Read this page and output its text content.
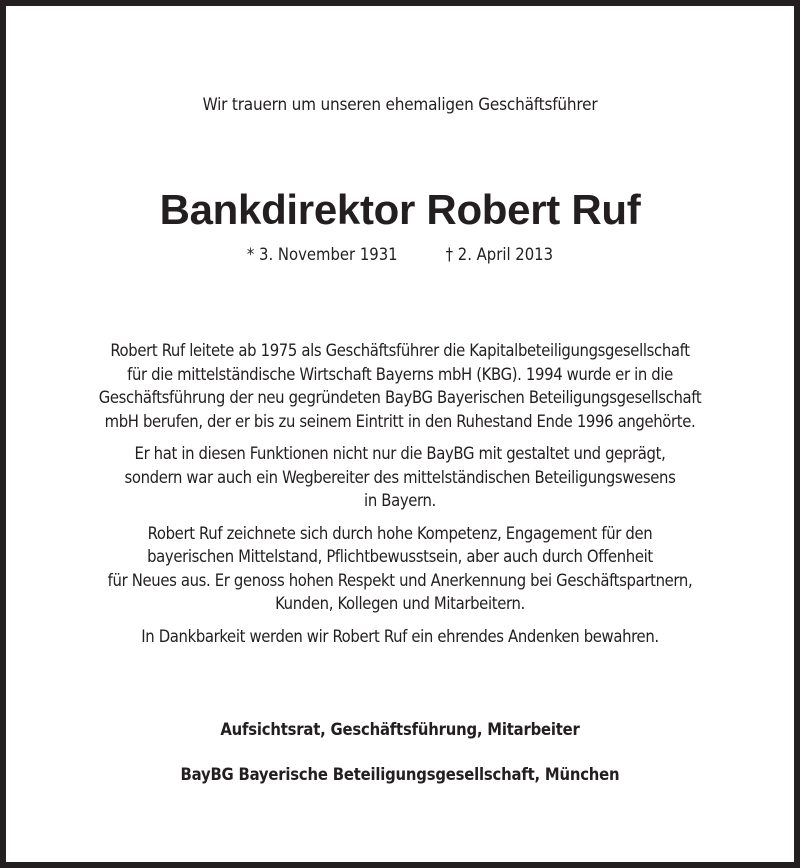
Wir trauern um unseren ehemaligen Geschäftsführer
Bankdirektor Robert Ruf
* 3. November 1931	† 2. April 2013

Robert Ruf leitete ab 1975 als Geschäftsführer die Kapitalbeteiligungsgesellschaft
für die mittelständische Wirtschaft Bayerns mbH (KBG). 1994 wurde er in die
Geschäftsführung der neu gegründeten BayBG Bayerischen Beteiligungsgesellschaft
mbH berufen, der er bis zu seinem Eintritt in den Ruhestand Ende 1996 angehörte.

Er hat in diesen Funktionen nicht nur die BayBG mit gestaltet und geprägt,
sondern war auch ein Wegbereiter des mittelständischen Beteiligungswesens
in Bayern.

Robert Ruf zeichnete sich durch hohe Kompetenz, Engagement für den
bayerischen Mittelstand, Pflichtbewusstsein, aber auch durch Offenheit
für Neues aus. Er genoss hohen Respekt und Anerkennung bei Geschäftspartnern,
Kunden, Kollegen und Mitarbeitern.

In Dankbarkeit werden wir Robert Ruf ein ehrendes Andenken bewahren.

Aufsichtsrat, Geschäftsführung, Mitarbeiter
BayBG Bayerische Beteiligungsgesellschaft, München
